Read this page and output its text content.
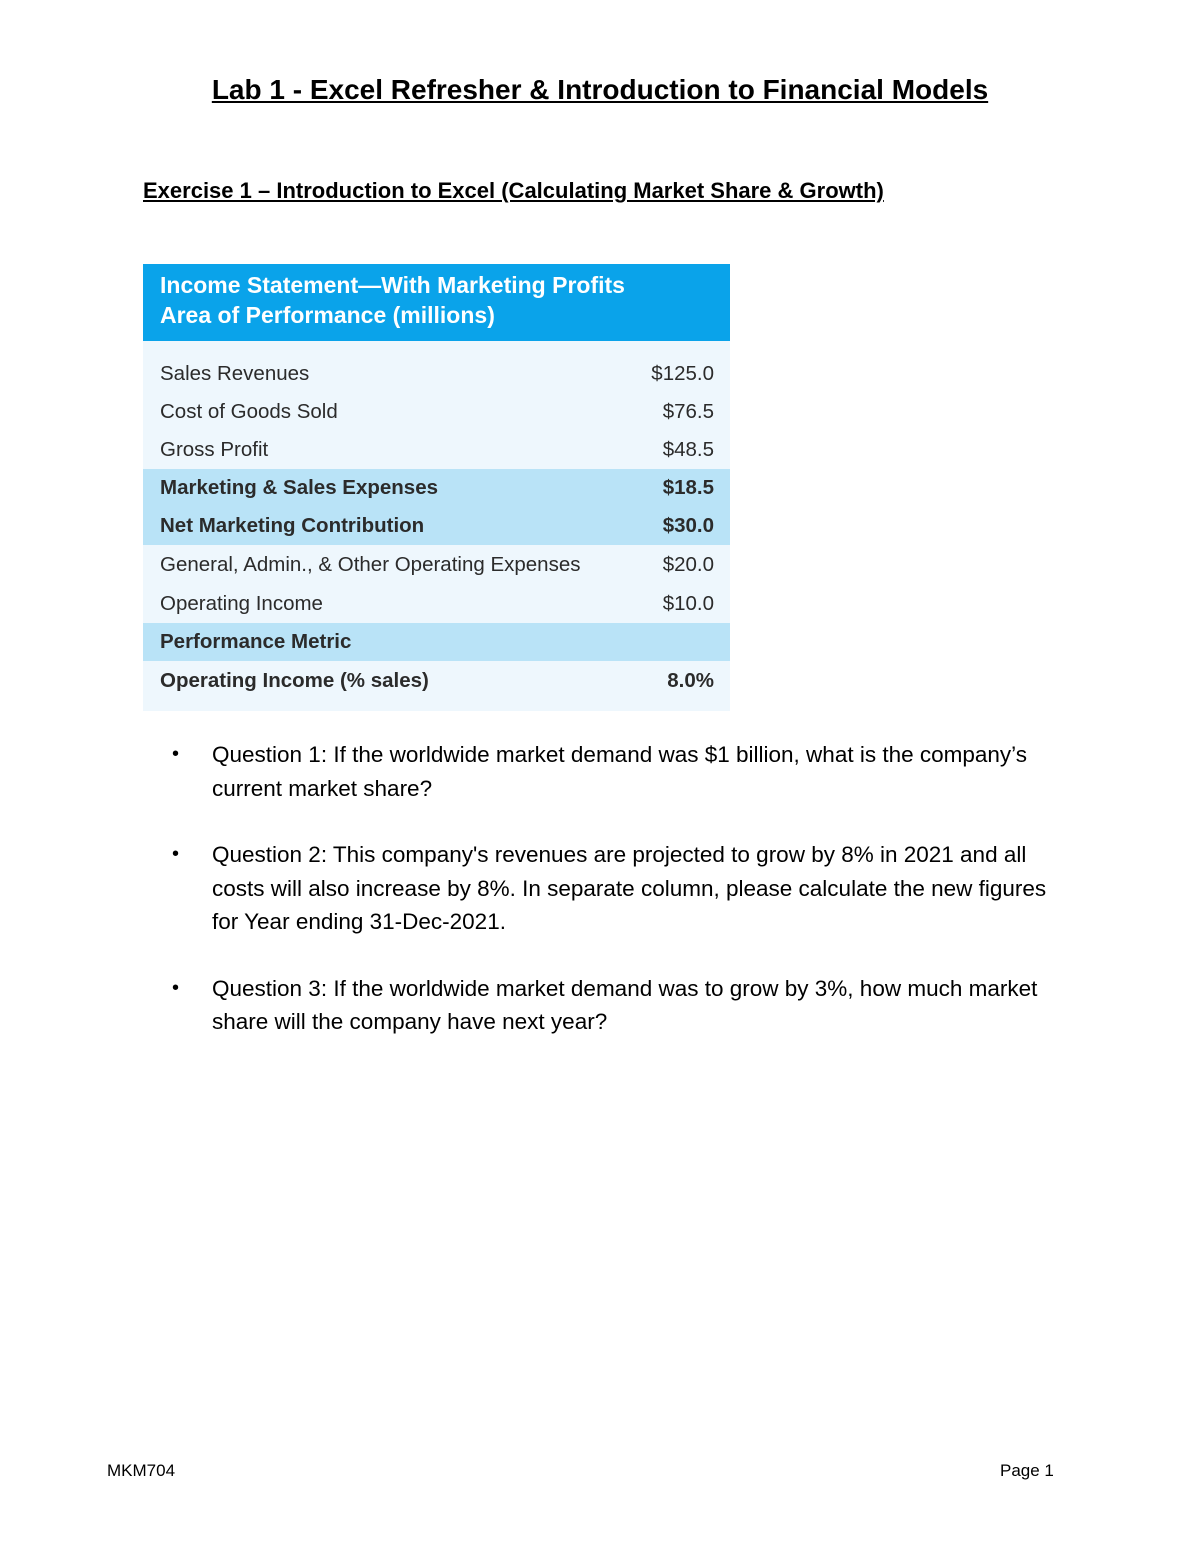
Lab 1 - Excel Refresher & Introduction to Financial Models
Exercise 1 – Introduction to Excel (Calculating Market Share & Growth)
Income Statement—With Marketing Profits
Area of Performance (millions)
Sales Revenues	$125.0
Cost of Goods Sold	$76.5
Gross Profit	$48.5
Marketing & Sales Expenses	$18.5
Net Marketing Contribution	$30.0
General, Admin., & Other Operating Expenses	$20.0
Operating Income	$10.0
Performance Metric
Operating Income (% sales)	8.0%
• Question 1: If the worldwide market demand was $1 billion, what is the company’s current market share?
• Question 2: This company's revenues are projected to grow by 8% in 2021 and all costs will also increase by 8%. In separate column, please calculate the new figures for Year ending 31-Dec-2021.
• Question 3: If the worldwide market demand was to grow by 3%, how much market share will the company have next year?
MKM704	Page 1
